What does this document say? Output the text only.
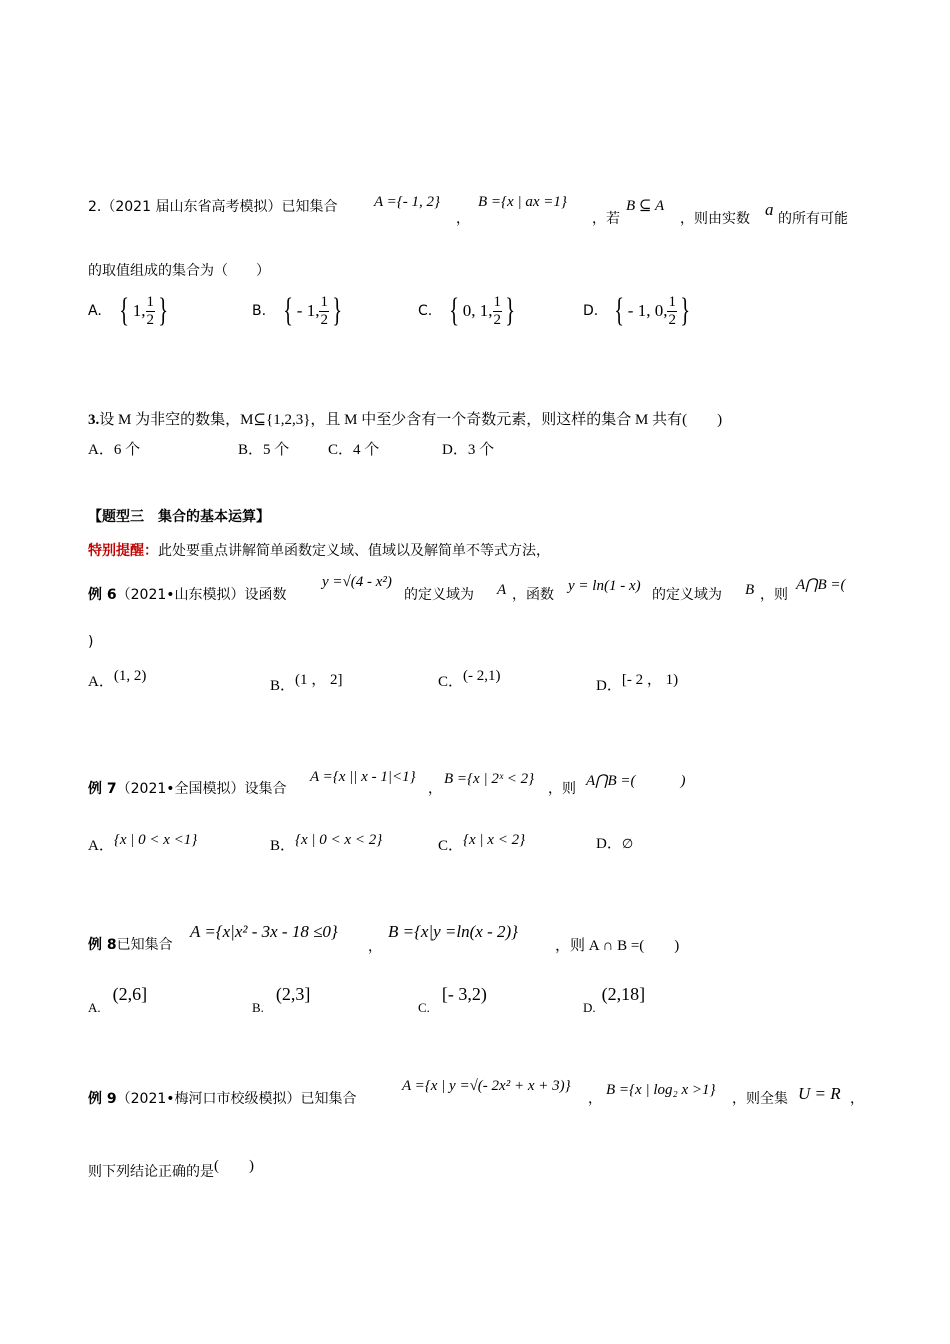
2.（2021 届山东省高考模拟）已知集合 A ={- 1, 2}
，
B ={x | ax =1}
，若
B ⊆ A
，则由实数 a 的所有可能
的取值组成的集合为（　　）
A. { 1, $\frac{1}{2}$ }	B. { - 1, $\frac{1}{2}$ }	C. { 0, 1, $\frac{1}{2}$ }	D. { - 1, 0, $\frac{1}{2}$ }
3.设 M 为非空的数集，M⊆{1,2,3}，且 M 中至少含有一个奇数元素，则这样的集合 M 共有(　　)
A．6 个	B．5 个	C．4 个	D．3 个
【题型三　集合的基本运算】
特别提醒：此处要重点讲解简单函数定义域、值域以及解简单不等式方法，
例 6（2021•山东模拟）设函数
y =√(4 - x²)
的定义域为 A ，函数
y = ln(1 - x)
的定义域为 B ，则
A⋂B =(
)
A．(1, 2)
B．(1 ， 2]	C．(- 2,1)
D．[- 2 ， 1)
例 7（2021•全国模拟）设集合
A ={x || x - 1|<1}
，
B ={x | 2ˣ < 2}
，则 A⋂B =(　　　)
A．{x | 0 < x <1}	B．{x | 0 < x < 2}	C．{x | x < 2}	D．∅
例 8已知集合
A ={x|x² - 3x - 18 ≤0}
，
B ={x|y =ln(x - 2)}
，则 A ∩ B =(　　)
A.(2,6]
B.(2,3]
C.[- 3,2)
D.(2,18]
例 9（2021•梅河口市校级模拟）已知集合
A ={x | y =√(- 2x² + x + 3)}
，
B ={x | log₂ x >1}
，则全集 U = R ，
则下列结论正确的是(　　)
